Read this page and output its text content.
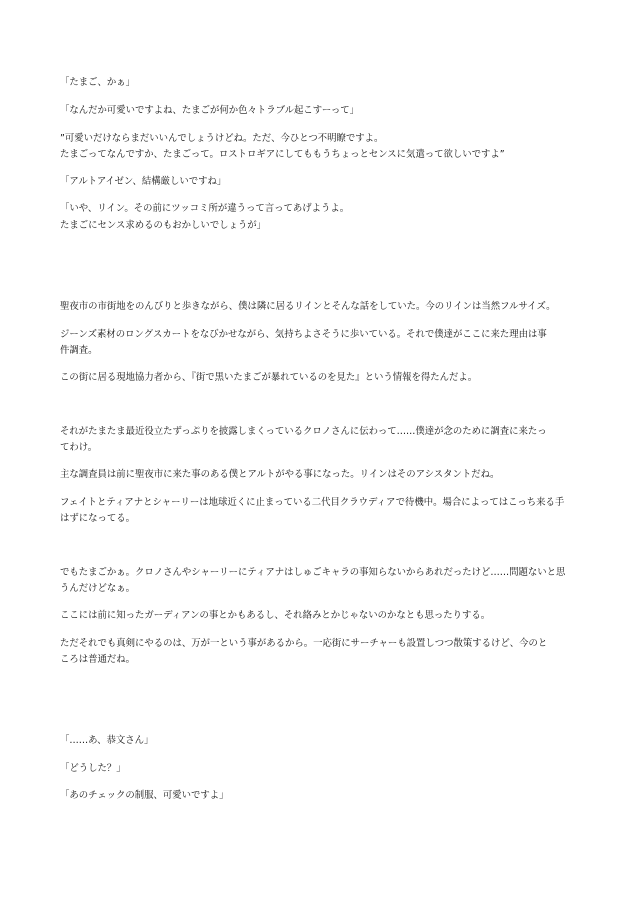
「たまご、かぁ」
「なんだか可愛いですよね、たまごが何か色々トラブル起こすーって」
”可愛いだけならまだいいんでしょうけどね。ただ、今ひとつ不明瞭ですよ。
たまごってなんですか、たまごって。ロストロギアにしてももうちょっとセンスに気遣って欲しいですよ”
「アルトアイゼン、結構厳しいですね」
「いや、リイン。その前にツッコミ所が違うって言ってあげようよ。
たまごにセンス求めるのもおかしいでしょうが」
聖夜市の市街地をのんびりと歩きながら、僕は隣に居るリインとそんな話をしていた。今のリインは当然フルサイズ。
ジーンズ素材のロングスカートをなびかせながら、気持ちよさそうに歩いている。それで僕達がここに来た理由は事
件調査。
この街に居る現地協力者から、『街で黒いたまごが暴れているのを見た』という情報を得たんだよ。
それがたまたま最近役立たずっぷりを披露しまくっているクロノさんに伝わって……僕達が念のために調査に来たっ
てわけ。
主な調査員は前に聖夜市に来た事のある僕とアルトがやる事になった。リインはそのアシスタントだね。
フェイトとティアナとシャーリーは地球近くに止まっている二代目クラウディアで待機中。場合によってはこっち来る手
はずになってる。
でもたまごかぁ。クロノさんやシャーリーにティアナはしゅごキャラの事知らないからあれだったけど……問題ないと思
うんだけどなぁ。
ここには前に知ったガーディアンの事とかもあるし、それ絡みとかじゃないのかなとも思ったりする。
ただそれでも真剣にやるのは、万が一という事があるから。一応街にサーチャーも設置しつつ散策するけど、今のと
ころは普通だね。
「……あ、恭文さん」
「どうした？」
「あのチェックの制服、可愛いですよ」
